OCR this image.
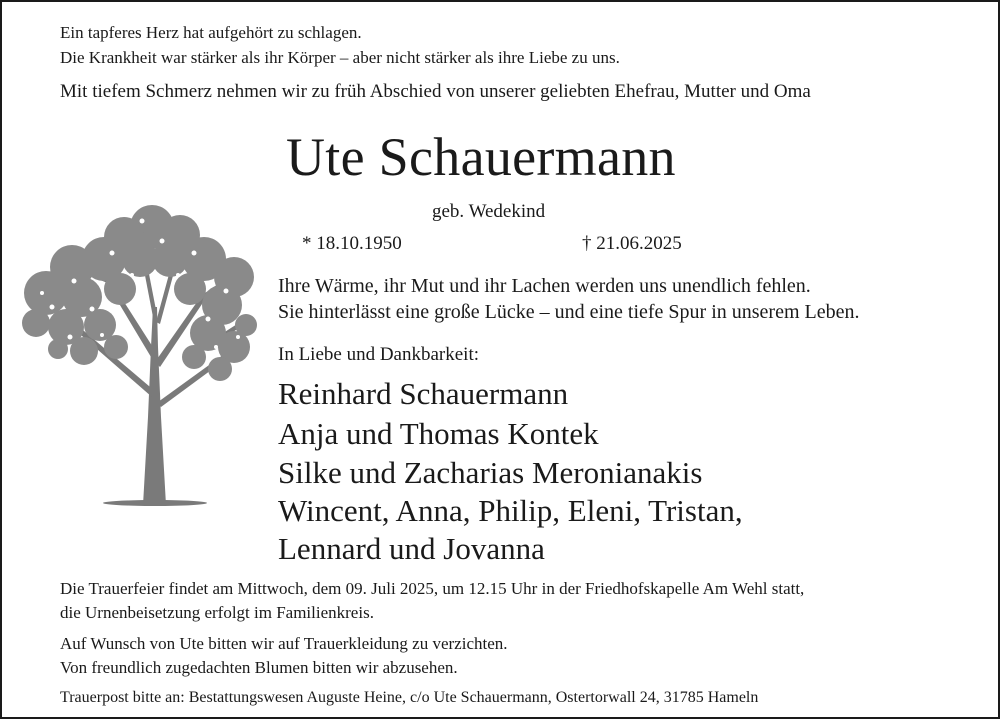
Ein tapferes Herz hat aufgehört zu schlagen.
Die Krankheit war stärker als ihr Körper – aber nicht stärker als ihre Liebe zu uns.
Mit tiefem Schmerz nehmen wir zu früh Abschied von unserer geliebten Ehefrau, Mutter und Oma
Ute Schauermann
geb. Wedekind
* 18.10.1950	† 21.06.2025
Ihre Wärme, ihr Mut und ihr Lachen werden uns unendlich fehlen.
Sie hinterlässt eine große Lücke – und eine tiefe Spur in unserem Leben.
In Liebe und Dankbarkeit:
Reinhard Schauermann
Anja und Thomas Kontek
Silke und Zacharias Meronianakis
Wincent, Anna, Philip, Eleni, Tristan,
Lennard und Jovanna
Die Trauerfeier findet am Mittwoch, dem 09. Juli 2025, um 12.15 Uhr in der Friedhofskapelle Am Wehl statt,
die Urnenbeisetzung erfolgt im Familienkreis.
Auf Wunsch von Ute bitten wir auf Trauerkleidung zu verzichten.
Von freundlich zugedachten Blumen bitten wir abzusehen.
Trauerpost bitte an: Bestattungswesen Auguste Heine, c/o Ute Schauermann, Ostertorwall 24, 31785 Hameln
